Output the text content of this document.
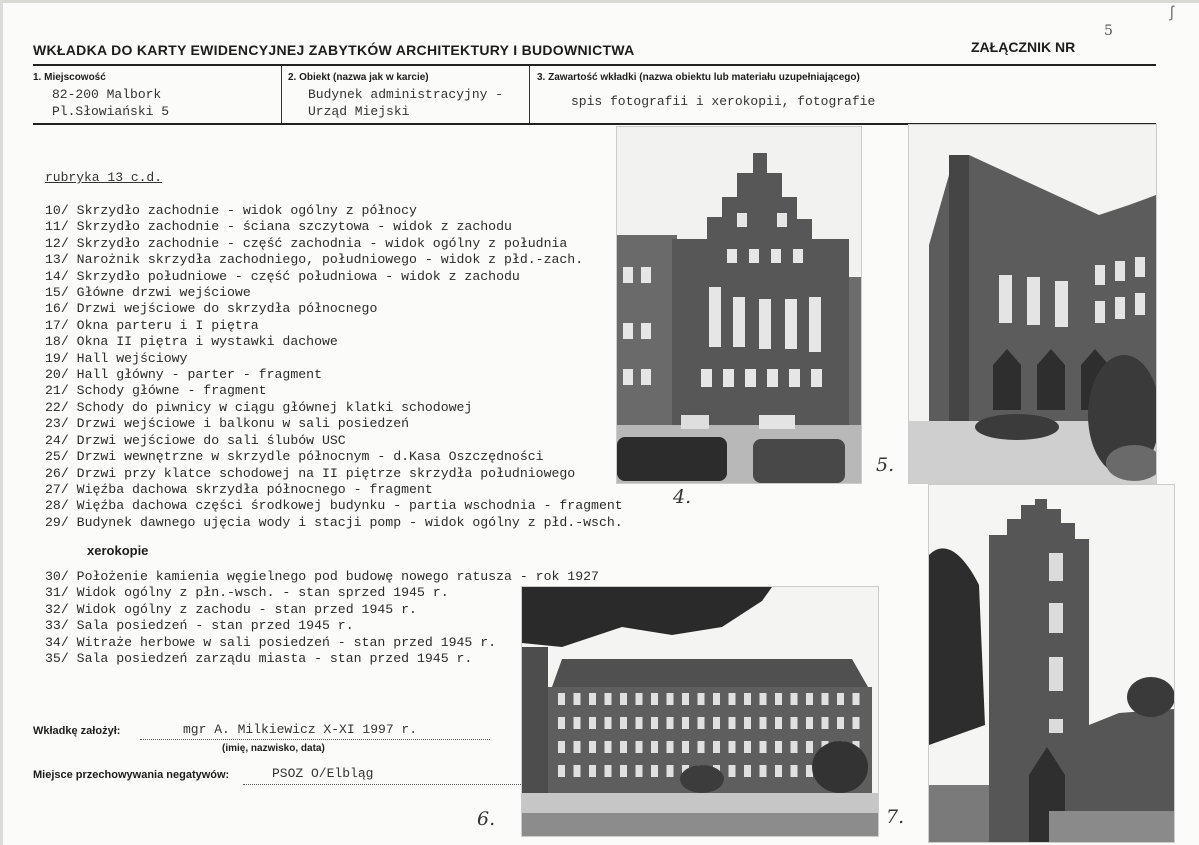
WKŁADKA DO KARTY EWIDENCYJNEJ ZABYTKÓW ARCHITEKTURY I BUDOWNICTWA	ZAŁĄCZNIK NR
5
ʃ
1. Miejscowość
82-200 Malbork
Pl.Słowiański 5
2. Obiekt (nazwa jak w karcie)
Budynek administracyjny -
Urząd Miejski
3. Zawartość wkładki (nazwa obiektu lub materiału uzupełniającego)
spis fotografii i xerokopii, fotografie
rubryka 13 c.d.
10/ Skrzydło zachodnie - widok ogólny z północy
11/ Skrzydło zachodnie - ściana szczytowa - widok z zachodu
12/ Skrzydło zachodnie - część zachodnia - widok ogólny z południa
13/ Narożnik skrzydła zachodniego, południowego - widok z płd.-zach.
14/ Skrzydło południowe - część południowa - widok z zachodu
15/ Główne drzwi wejściowe
16/ Drzwi wejściowe do skrzydła północnego
17/ Okna parteru i I piętra
18/ Okna II piętra i wystawki dachowe
19/ Hall wejściowy
20/ Hall główny - parter - fragment
21/ Schody główne - fragment
22/ Schody do piwnicy w ciągu głównej klatki schodowej
23/ Drzwi wejściowe i balkonu w sali posiedzeń
24/ Drzwi wejściowe do sali ślubów USC
25/ Drzwi wewnętrzne w skrzydle północnym - d.Kasa Oszczędności
26/ Drzwi przy klatce schodowej na II piętrze skrzydła południowego
27/ Więźba dachowa skrzydła północnego - fragment
28/ Więźba dachowa części środkowej budynku - partia wschodnia - fragment
29/ Budynek dawnego ujęcia wody i stacji pomp - widok ogólny z płd.-wsch.
xerokopie
30/ Położenie kamienia węgielnego pod budowę nowego ratusza - rok 1927
31/ Widok ogólny z płn.-wsch. - stan sprzed 1945 r.
32/ Widok ogólny z zachodu - stan przed 1945 r.
33/ Sala posiedzeń - stan przed 1945 r.
34/ Witraże herbowe w sali posiedzeń - stan przed 1945 r.
35/ Sala posiedzeń zarządu miasta - stan przed 1945 r.
Wkładkę założył:	mgr A. Milkiewicz X-XI 1997 r.
(imię, nazwisko, data)
Miejsce przechowywania negatywów:	PSOZ O/Elbląg
4.
5.
6.	7.
